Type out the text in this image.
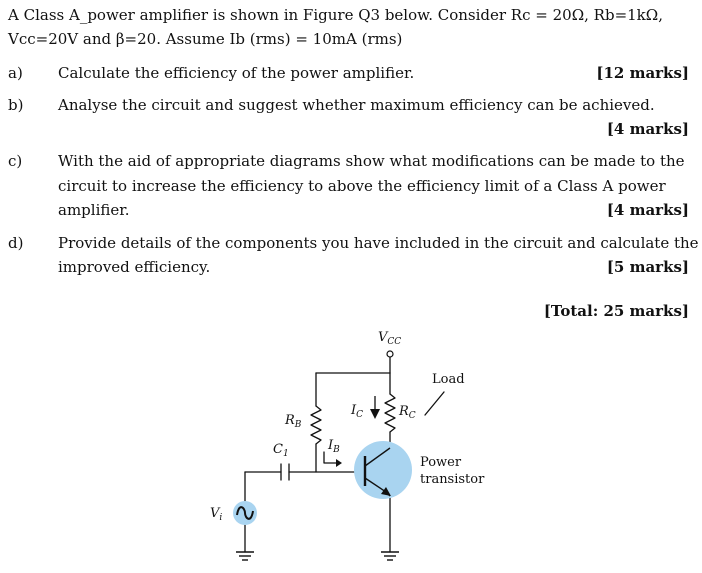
A Class A_power amplifier is shown in Figure Q3 below. Consider Rc = 20Ω, Rb=1kΩ,
Vcc=20V and β=20. Assume Ib (rms) = 10mA (rms)
a) Calculate the efficiency of the power amplifier.	[12 marks]
b) Analyse the circuit and suggest whether maximum efficiency can be achieved.
[4 marks]
c) With the aid of appropriate diagrams show what modifications can be made to the
circuit to increase the efficiency to above the efficiency limit of a Class A power
amplifier.	[4 marks]
d) Provide details of the components you have included in the circuit and calculate the
improved efficiency.	[5 marks]
[Total: 25 marks]
$V_{CC}$
Load
$R_C$
$I_C$
$R_B$
$I_B$
$C_1$
$V_i$
Power
transistor
